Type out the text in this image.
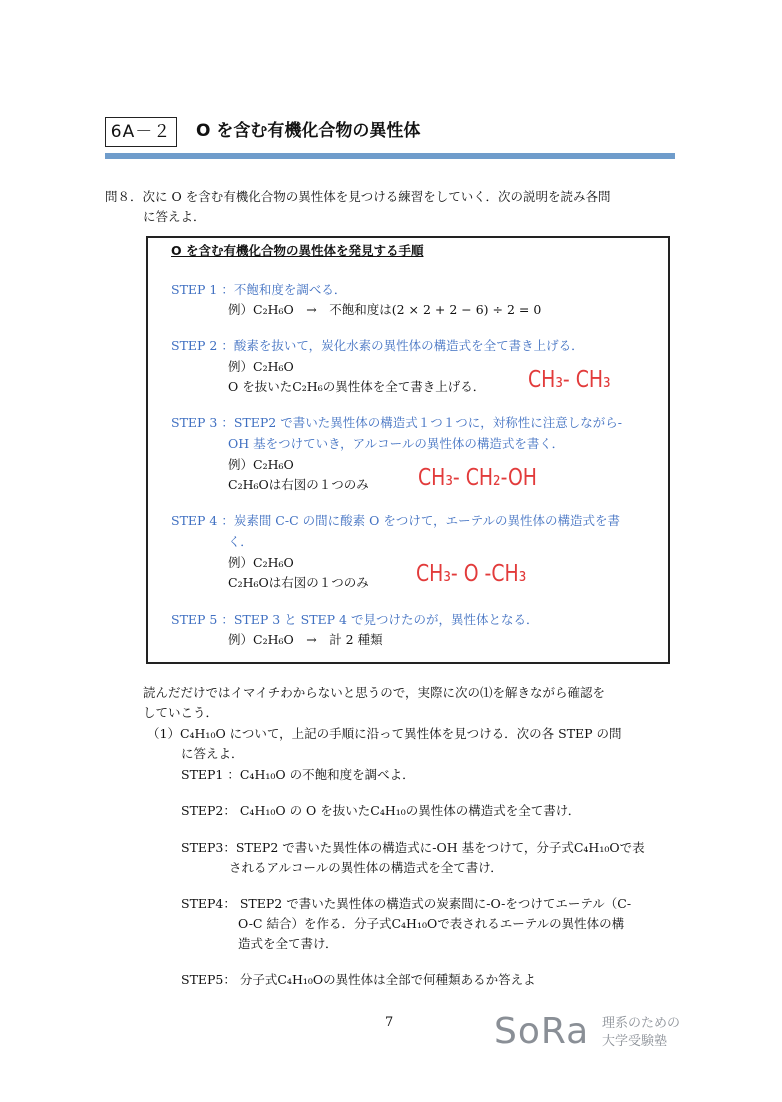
6A－２	O を含む有機化合物の異性体
問８．次に O を含む有機化合物の異性体を見つける練習をしていく．次の説明を読み各問
に答えよ．
O を含む有機化合物の異性体を発見する手順
STEP 1 ：不飽和度を調べる．
例）C₂H₆O　→　不飽和度は(2 × 2 + 2 − 6) ÷ 2 = 0
STEP 2 ：酸素を抜いて，炭化水素の異性体の構造式を全て書き上げる．
例）C₂H₆O
O を抜いたC₂H₆の異性体を全て書き上げる． CH₃- CH₃
STEP 3 ：STEP2 で書いた異性体の構造式１つ１つに，対称性に注意しながら-
OH 基をつけていき，アルコールの異性体の構造式を書く．
例）C₂H₆O
C₂H₆Oは右図の１つのみ CH₃- CH₂-OH
STEP 4 ：炭素間 C-C の間に酸素 O をつけて，エーテルの異性体の構造式を書
く．
例）C₂H₆O
C₂H₆Oは右図の１つのみ CH₃- O -CH₃
STEP 5 ：STEP 3 と STEP 4 で見つけたのが，異性体となる．
例）C₂H₆O　→　計 2 種類
読んだだけではイマイチわからないと思うので，実際に次の⑴を解きながら確認を
していこう．
（1）C₄H₁₀O について，上記の手順に沿って異性体を見つける．次の各 STEP の問
に答えよ．
STEP1 ：C₄H₁₀O の不飽和度を調べよ．
STEP2： C₄H₁₀O の O を抜いたC₄H₁₀の異性体の構造式を全て書け．
STEP3：STEP2 で書いた異性体の構造式に-OH 基をつけて，分子式C₄H₁₀Oで表
されるアルコールの異性体の構造式を全て書け．
STEP4： STEP2 で書いた異性体の構造式の炭素間に-O-をつけてエーテル（C-
O-C 結合）を作る．分子式C₄H₁₀Oで表されるエーテルの異性体の構
造式を全て書け．
STEP5： 分子式C₄H₁₀Oの異性体は全部で何種類あるか答えよ
7	SoRa 理系のための
大学受験塾
